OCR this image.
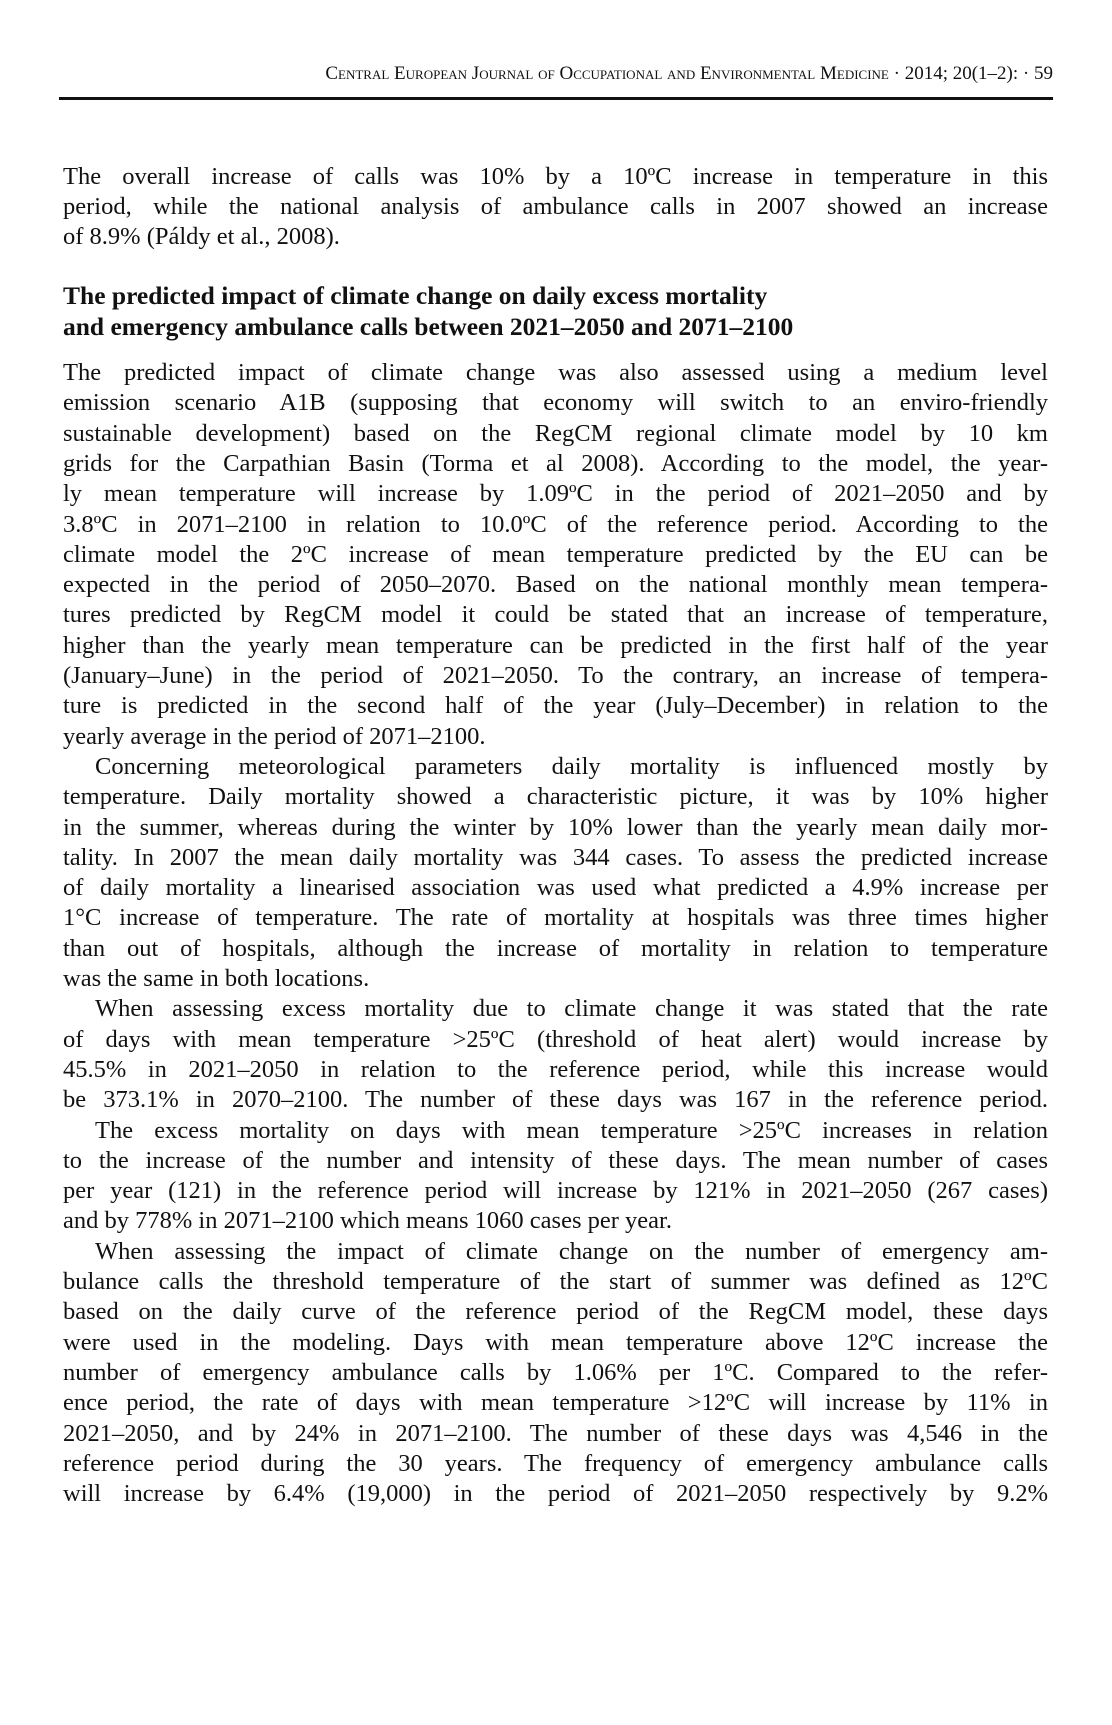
Central European Journal of Occupational and Environmental Medicine · 2014; 20(1–2): · 59
The overall increase of calls was 10% by a 10ºC increase in temperature in this
period, while the national analysis of ambulance calls in 2007 showed an increase
of 8.9% (Páldy et al., 2008).
The predicted impact of climate change on daily excess mortality
and emergency ambulance calls between 2021–2050 and 2071–2100
The predicted impact of climate change was also assessed using a medium level
emission scenario A1B (supposing that economy will switch to an enviro-friendly
sustainable development) based on the RegCM regional climate model by 10 km
grids for the Carpathian Basin (Torma et al 2008). According to the model, the year-
ly mean temperature will increase by 1.09ºC in the period of 2021–2050 and by
3.8ºC in 2071–2100 in relation to 10.0ºC of the reference period. According to the
climate model the 2ºC increase of mean temperature predicted by the EU can be
expected in the period of 2050–2070. Based on the national monthly mean tempera-
tures predicted by RegCM model it could be stated that an increase of temperature,
higher than the yearly mean temperature can be predicted in the first half of the year
(January–June) in the period of 2021–2050. To the contrary, an increase of tempera-
ture is predicted in the second half of the year (July–December) in relation to the
yearly average in the period of 2071–2100.
Concerning meteorological parameters daily mortality is influenced mostly by
temperature. Daily mortality showed a characteristic picture, it was by 10% higher
in the summer, whereas during the winter by 10% lower than the yearly mean daily mor-
tality. In 2007 the mean daily mortality was 344 cases. To assess the predicted increase
of daily mortality a linearised association was used what predicted a 4.9% increase per
1°C increase of temperature. The rate of mortality at hospitals was three times higher
than out of hospitals, although the increase of mortality in relation to temperature
was the same in both locations.
When assessing excess mortality due to climate change it was stated that the rate
of days with mean temperature >25ºC (threshold of heat alert) would increase by
45.5% in 2021–2050 in relation to the reference period, while this increase would
be 373.1% in 2070–2100. The number of these days was 167 in the reference period.
The excess mortality on days with mean temperature >25ºC increases in relation
to the increase of the number and intensity of these days. The mean number of cases
per year (121) in the reference period will increase by 121% in 2021–2050 (267 cases)
and by 778% in 2071–2100 which means 1060 cases per year.
When assessing the impact of climate change on the number of emergency am-
bulance calls the threshold temperature of the start of summer was defined as 12ºC
based on the daily curve of the reference period of the RegCM model, these days
were used in the modeling. Days with mean temperature above 12ºC increase the
number of emergency ambulance calls by 1.06% per 1ºC. Compared to the refer-
ence period, the rate of days with mean temperature >12ºC will increase by 11% in
2021–2050, and by 24% in 2071–2100. The number of these days was 4,546 in the
reference period during the 30 years. The frequency of emergency ambulance calls
will increase by 6.4% (19,000) in the period of 2021–2050 respectively by 9.2%
